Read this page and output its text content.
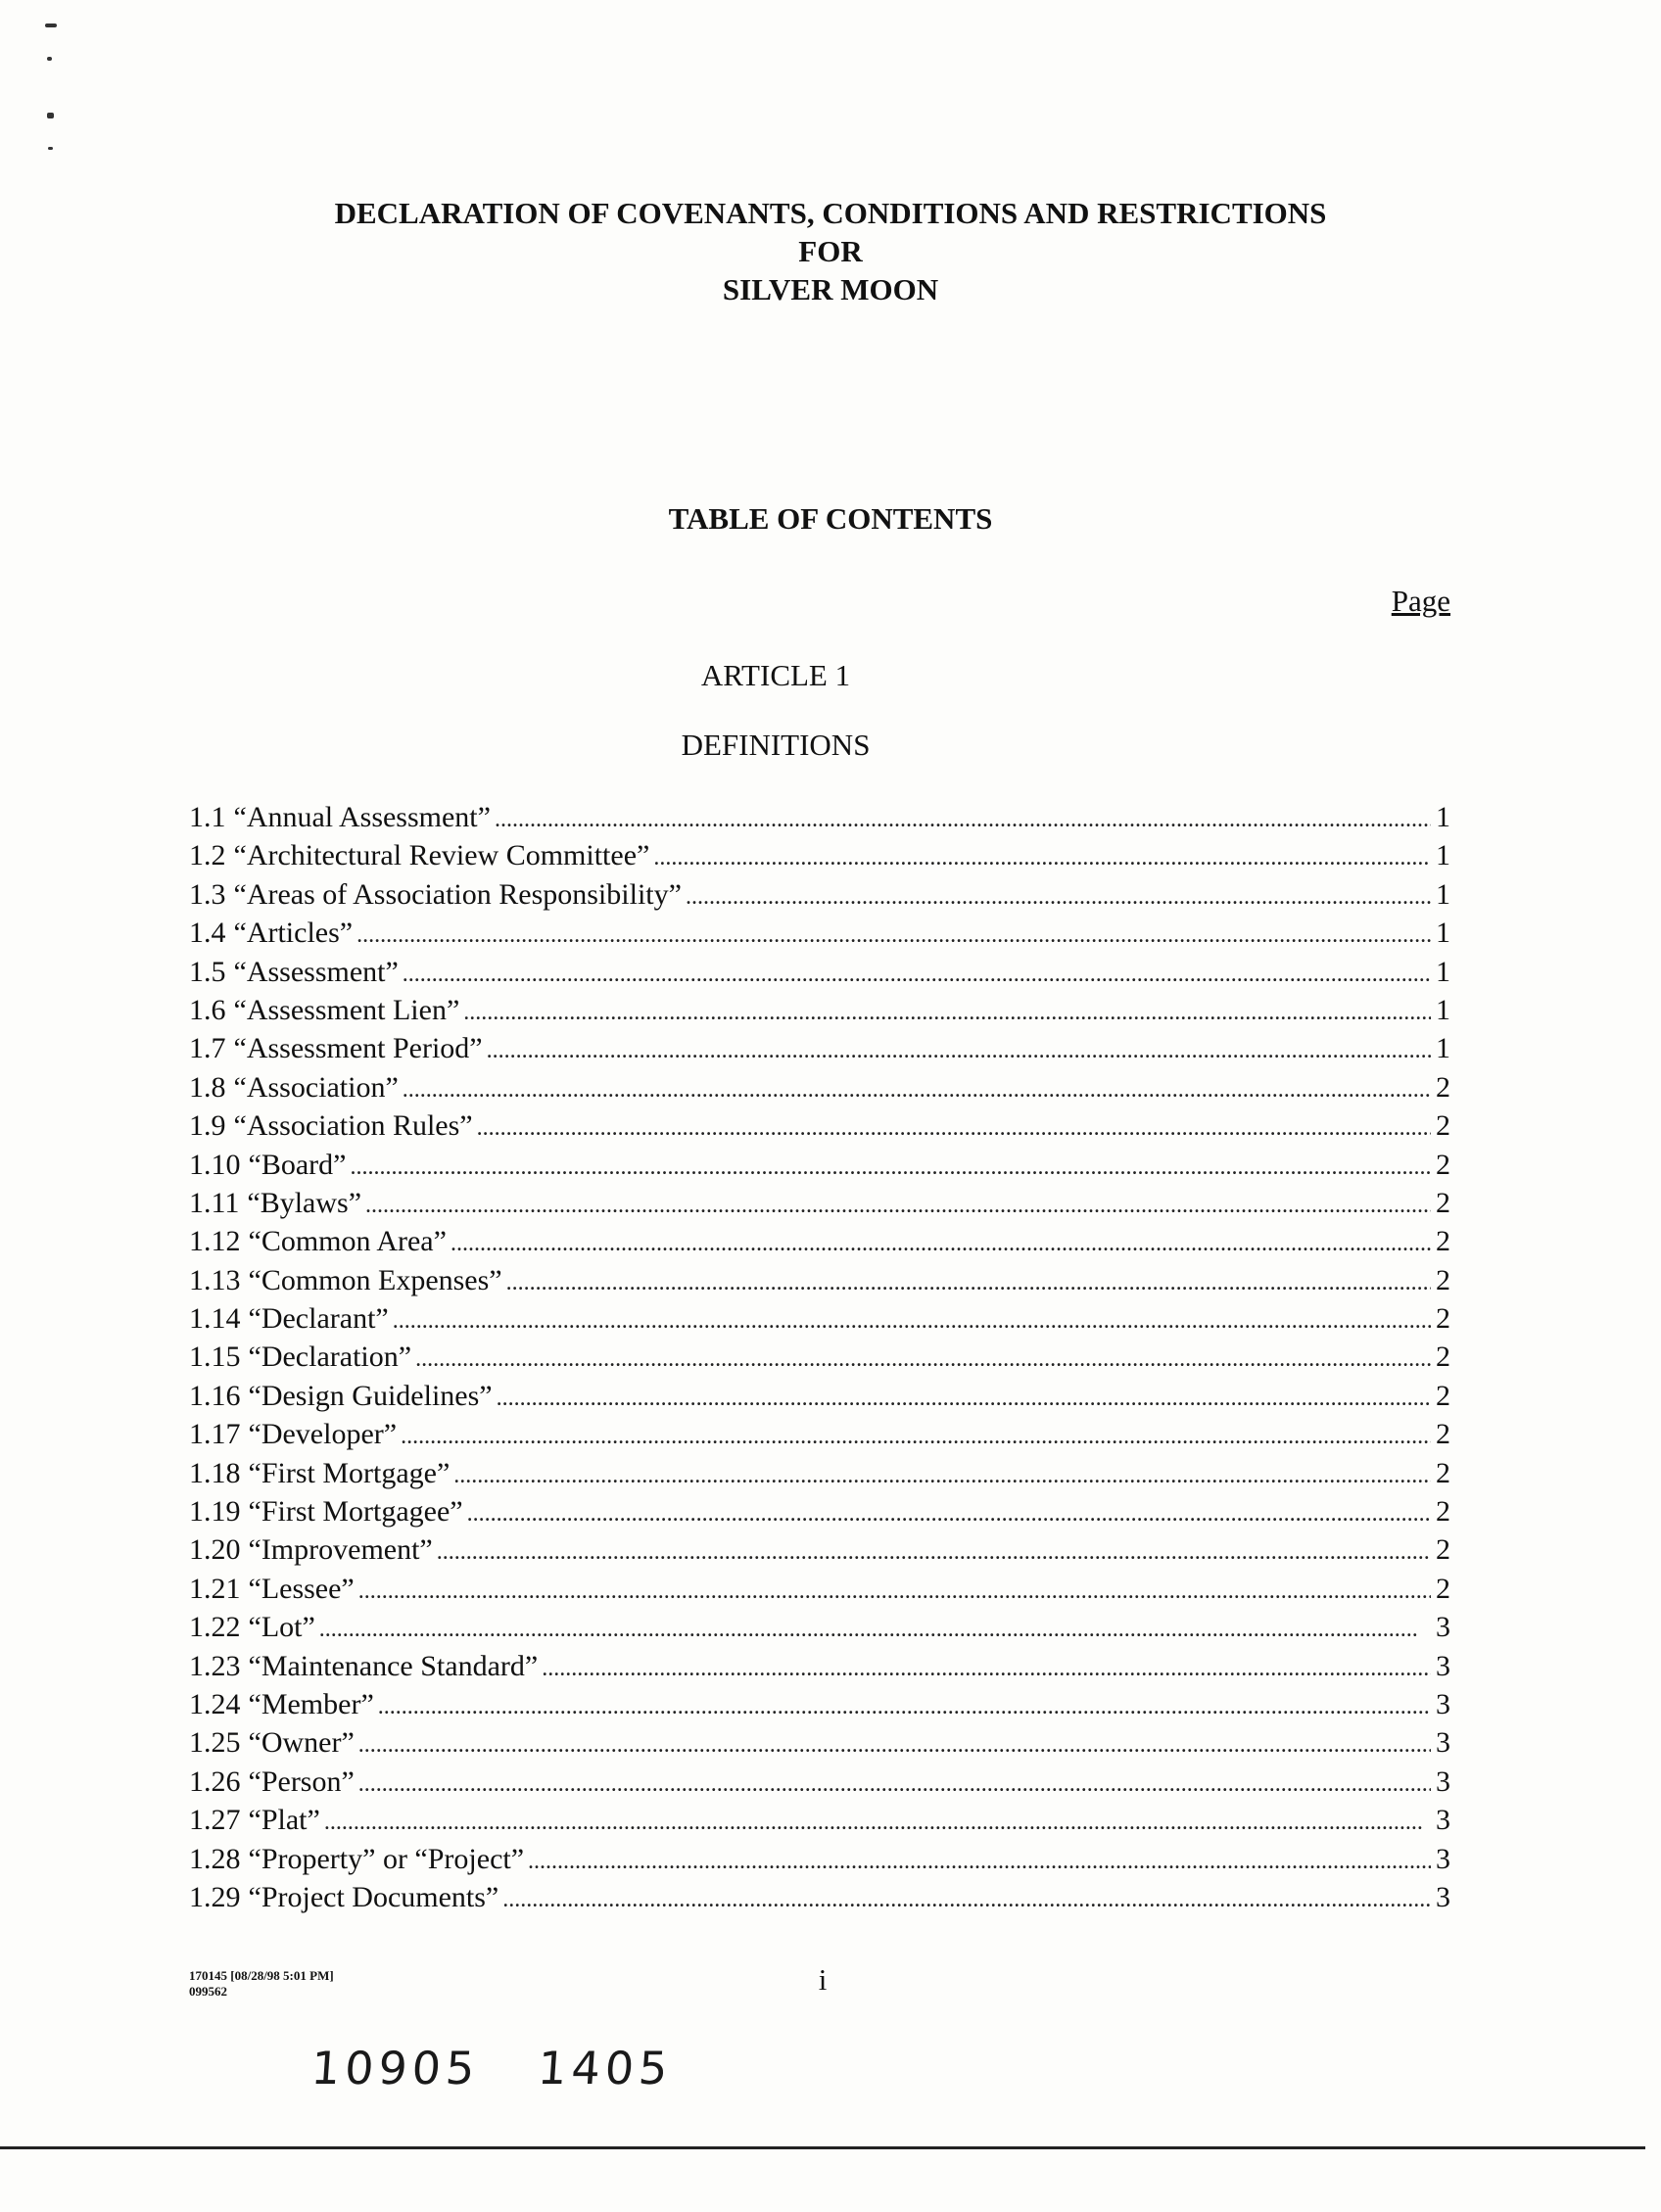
DECLARATION OF COVENANTS, CONDITIONS AND RESTRICTIONS
FOR
SILVER MOON
TABLE OF CONTENTS
Page
ARTICLE 1
DEFINITIONS
1.1 “Annual Assessment” . . .	1
1.2 “Architectural Review Committee” . . .	1
1.3 “Areas of Association Responsibility” . . .	1
1.4 “Articles” . . .	1
1.5 “Assessment” . . .	1
1.6 “Assessment Lien” . . .	1
1.7 “Assessment Period” . . .	1
1.8 “Association” . . .	2
1.9 “Association Rules” . . .	2
1.10 “Board” . . .	2
1.11 “Bylaws” . . .	2
1.12 “Common Area” . . .	2
1.13 “Common Expenses” . . .	2
1.14 “Declarant” . . .	2
1.15 “Declaration” . . .	2
1.16 “Design Guidelines” . . .	2
1.17 “Developer” . . .	2
1.18 “First Mortgage” . . .	2
1.19 “First Mortgagee” . . .	2
1.20 “Improvement” . . .	2
1.21 “Lessee” . . .	2
1.22 “Lot” . . .	3
1.23 “Maintenance Standard” . . .	3
1.24 “Member” . . .	3
1.25 “Owner” . . .	3
1.26 “Person” . . .	3
1.27 “Plat” . . .	3
1.28 “Property” or “Project” . . .	3
1.29 “Project Documents” . . .	3
170145 [08/28/98 5:01 PM]
099562	i
10905 1405
